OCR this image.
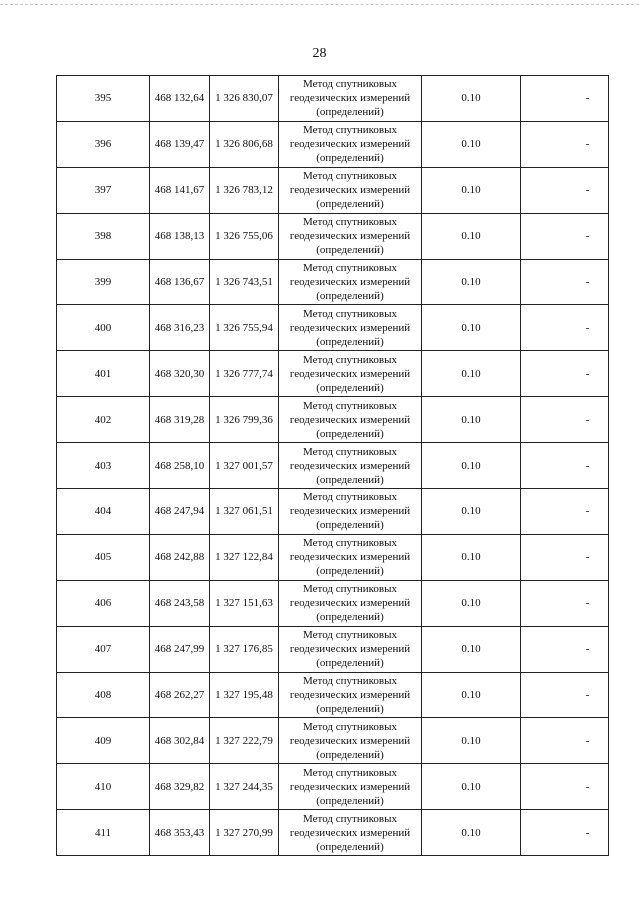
28
395	468 132,64	1 326 830,07	Метод спутниковых
геодезических измерений
(определений)	0.10	-
396	468 139,47	1 326 806,68	Метод спутниковых
геодезических измерений
(определений)	0.10	-
397	468 141,67	1 326 783,12	Метод спутниковых
геодезических измерений
(определений)	0.10	-
398	468 138,13	1 326 755,06	Метод спутниковых
геодезических измерений
(определений)	0.10	-
399	468 136,67	1 326 743,51	Метод спутниковых
геодезических измерений
(определений)	0.10	-
400	468 316,23	1 326 755,94	Метод спутниковых
геодезических измерений
(определений)	0.10	-
401	468 320,30	1 326 777,74	Метод спутниковых
геодезических измерений
(определений)	0.10	-
402	468 319,28	1 326 799,36	Метод спутниковых
геодезических измерений
(определений)	0.10	-
403	468 258,10	1 327 001,57	Метод спутниковых
геодезических измерений
(определений)	0.10	-
404	468 247,94	1 327 061,51	Метод спутниковых
геодезических измерений
(определений)	0.10	-
405	468 242,88	1 327 122,84	Метод спутниковых
геодезических измерений
(определений)	0.10	-
406	468 243,58	1 327 151,63	Метод спутниковых
геодезических измерений
(определений)	0.10	-
407	468 247,99	1 327 176,85	Метод спутниковых
геодезических измерений
(определений)	0.10	-
408	468 262,27	1 327 195,48	Метод спутниковых
геодезических измерений
(определений)	0.10	-
409	468 302,84	1 327 222,79	Метод спутниковых
геодезических измерений
(определений)	0.10	-
410	468 329,82	1 327 244,35	Метод спутниковых
геодезических измерений
(определений)	0.10	-
411	468 353,43	1 327 270,99	Метод спутниковых
геодезических измерений
(определений)	0.10	-
